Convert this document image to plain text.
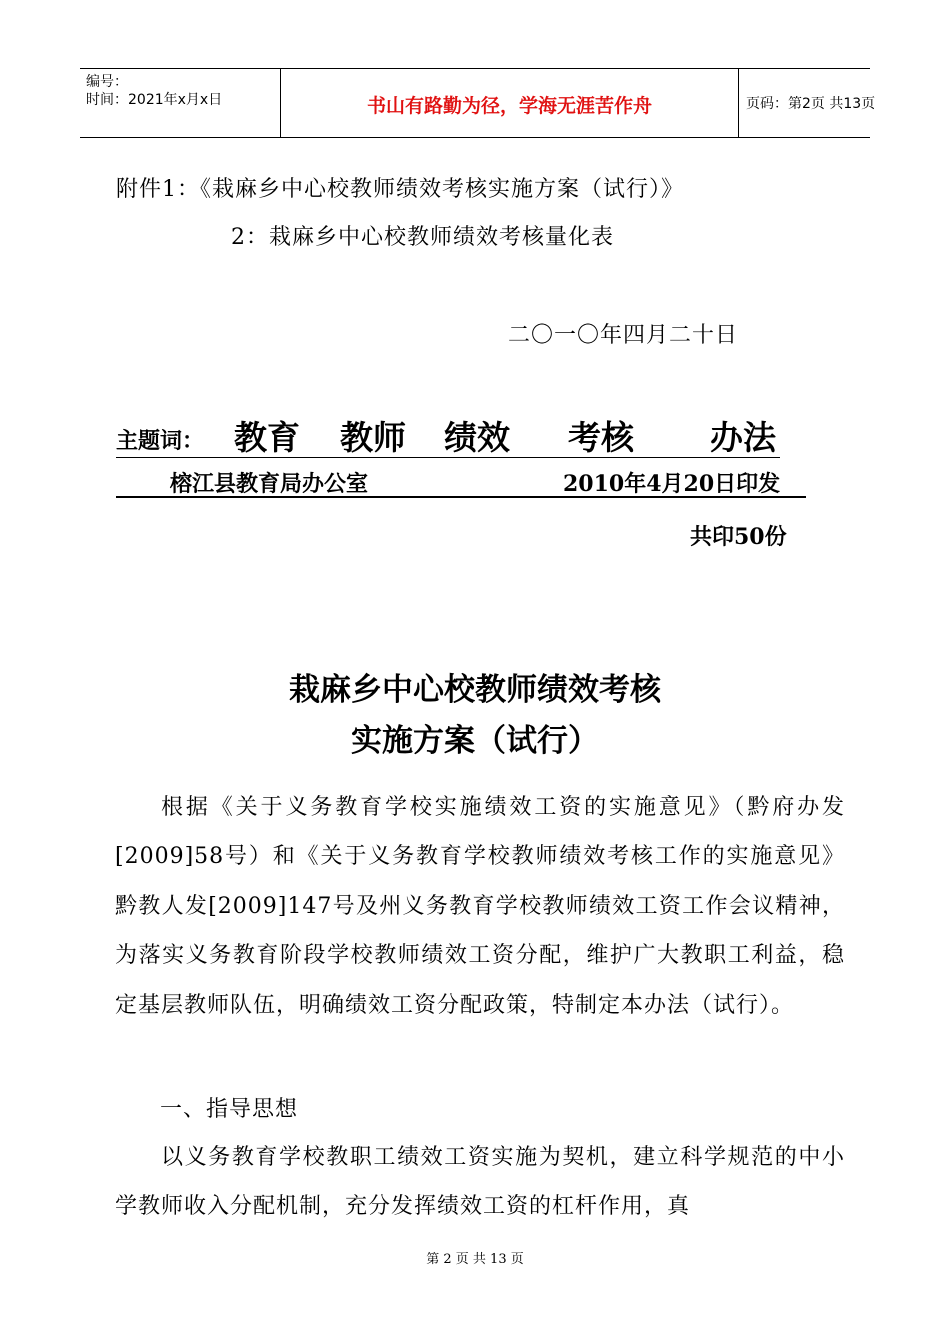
编号：
时间：2021年x月x日	书山有路勤为径，学海无涯苦作舟	页码：第2页 共13页
附件1：《栽麻乡中心校教师绩效考核实施方案（试行）》
2：栽麻乡中心校教师绩效考核量化表
二〇一〇年四月二十日
主题词： 教育 教师 绩效 考核 办法
榕江县教育局办公室	2010年4月20日印发
共印50份
栽麻乡中心校教师绩效考核
实施方案（试行）
根据《关于义务教育学校实施绩效工资的实施意见》（黔府办发[2009]58号）和《关于义务教育学校教师绩效考核工作的实施意见》黔教人发[2009]147号及州义务教育学校教师绩效工资工作会议精神，为落实义务教育阶段学校教师绩效工资分配，维护广大教职工利益，稳定基层教师队伍，明确绩效工资分配政策，特制定本办法（试行）。
一、指导思想
以义务教育学校教职工绩效工资实施为契机，建立科学规范的中小学教师收入分配机制，充分发挥绩效工资的杠杆作用，真
第 2 页 共 13 页
